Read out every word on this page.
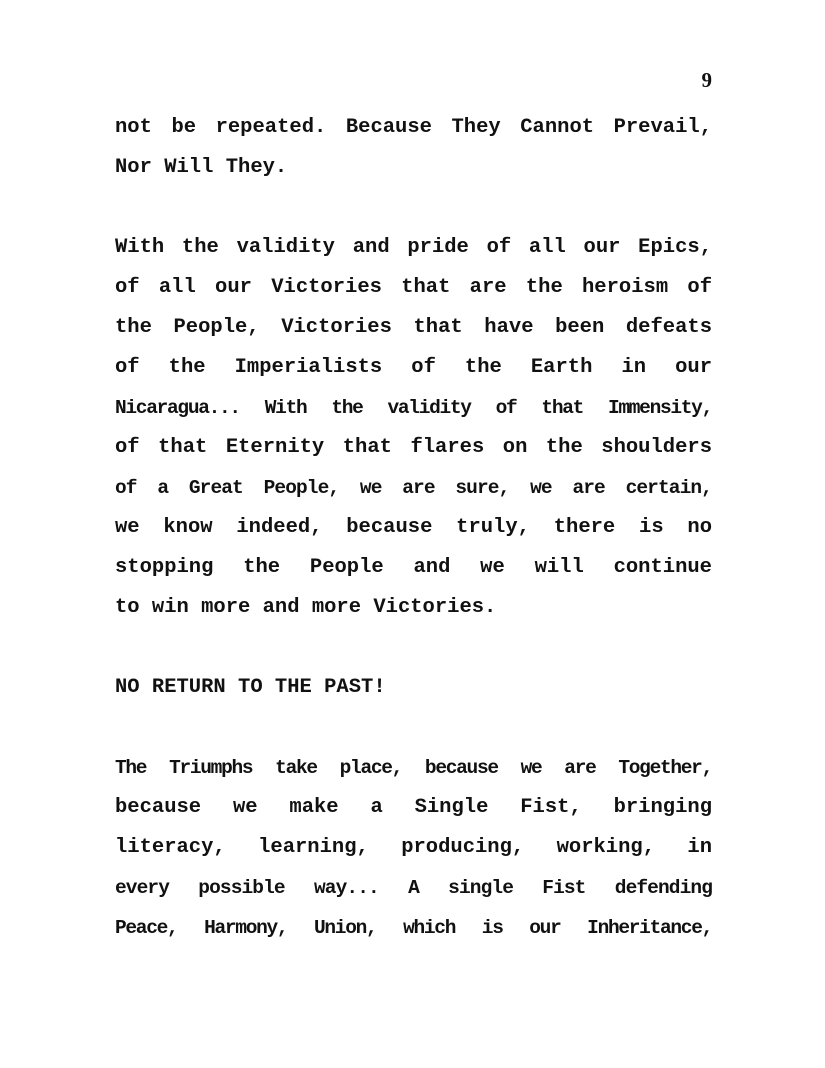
9
not be repeated. Because They Cannot Prevail,
Nor Will They.
With the validity and pride of all our Epics,
of all our Victories that are the heroism of
the People, Victories that have been defeats
of the Imperialists of the Earth in our
Nicaragua... With the validity of that Immensity,
of that Eternity that flares on the shoulders
of a Great People, we are sure, we are certain,
we know indeed, because truly, there is no
stopping the People and we will continue
to win more and more Victories.
NO RETURN TO THE PAST!
The Triumphs take place, because we are Together,
because we make a Single Fist, bringing
literacy, learning, producing, working, in
every possible way... A single Fist defending
Peace, Harmony, Union, which is our Inheritance,
